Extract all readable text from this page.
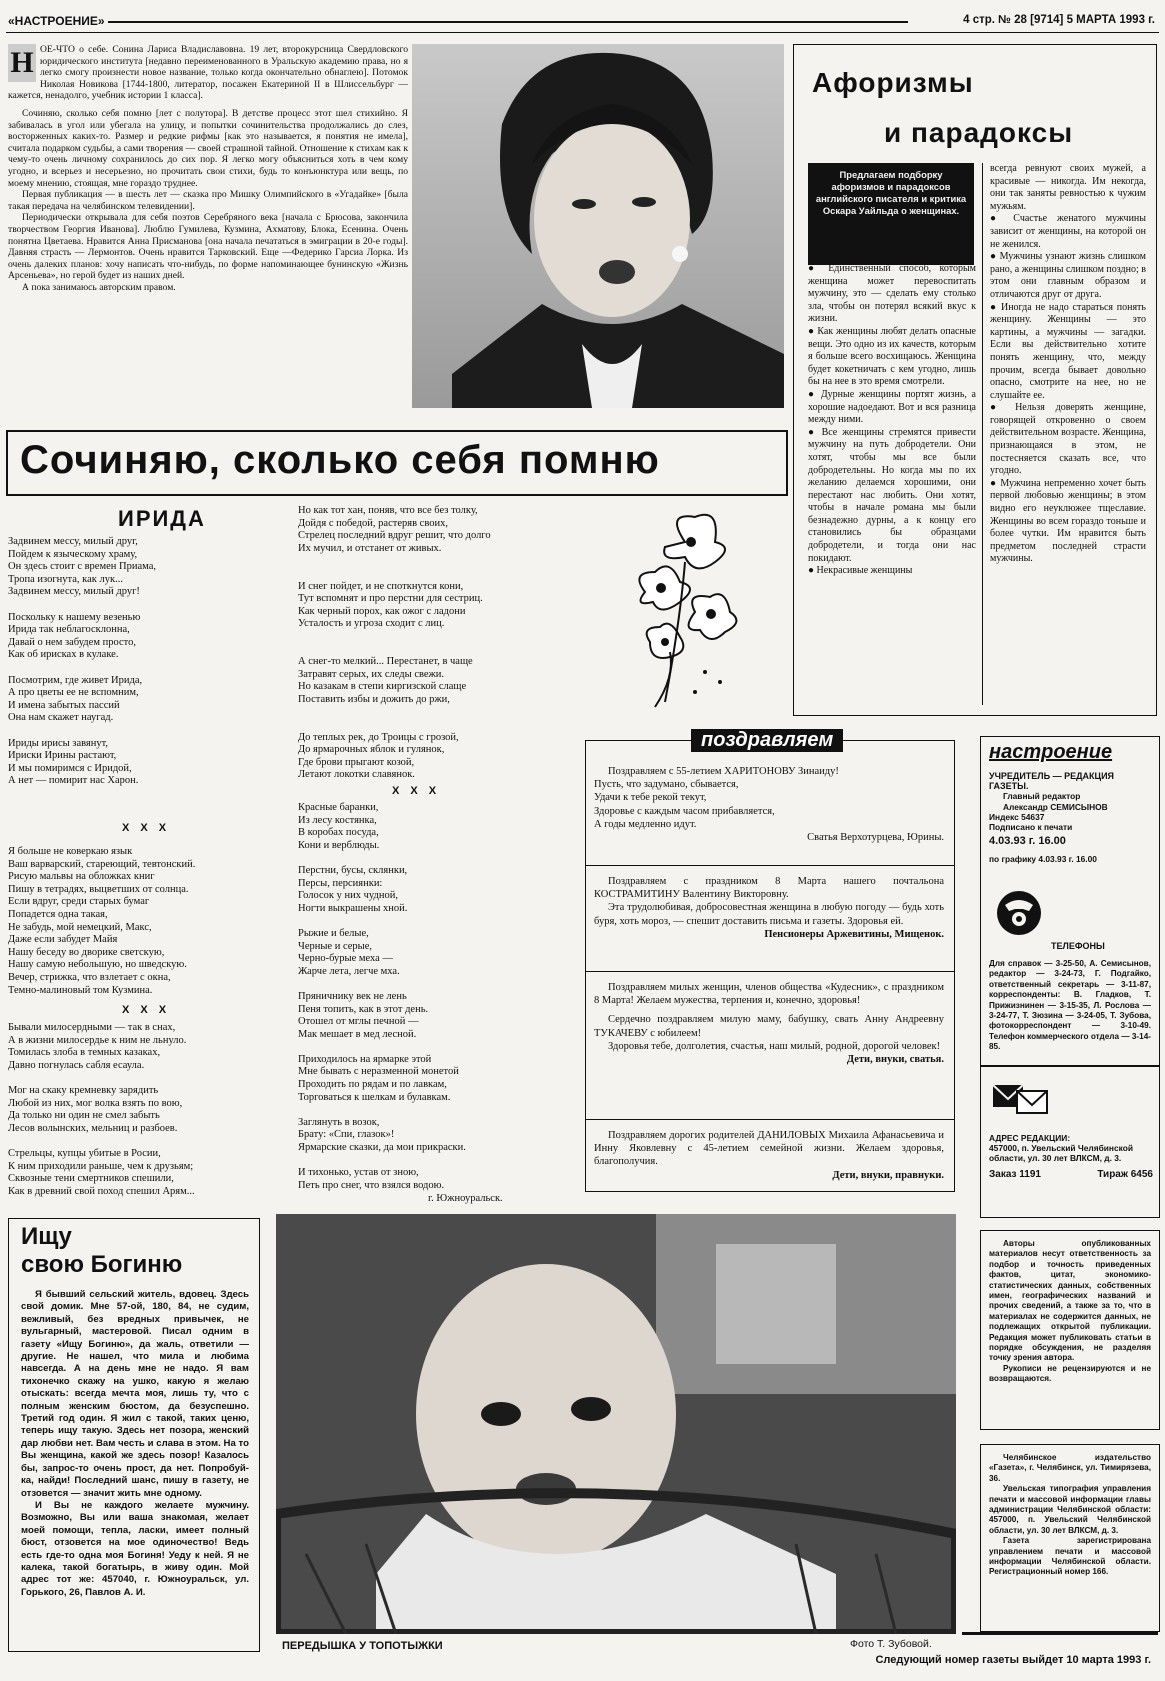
«НАСТРОЕНИЕ»	4 стр. № 28 [9714] 5 МАРТА 1993 г.
Н ОЕ-ЧТО о себе. Сонина Лариса Владиславовна. 19 лет, второкурсница Свердловского юридического института [недавно переименованного в Уральскую академию права, но я легко смогу произнести новое название, только когда окончательно обнаглею]. Потомок Николая Новикова [1744-1800, литератор, посажен Екатериной II в Шлиссельбург — кажется, ненадолго, учебник истории 1 класса].
Сочиняю, сколько себя помню [лет с полутора]. В детстве процесс этот шел стихийно. Я забивалась в угол или убегала на улицу, и попытки сочинительства продолжались до слез, восторженных каких-то. Размер и редкие рифмы [как это называется, я понятия не имела], считала подарком судьбы, а сами творения — своей страшной тайной. Отношение к стихам как к чему-то очень личному сохранилось до сих пор. Я легко могу объясниться хоть в чем кому угодно, и всерьез и несерьезно, но прочитать свои стихи, будь то конъюнктура или вещь, по моему мнению, стоящая, мне гораздо труднее.
Первая публикация — в шесть лет — сказка про Мишку Олимпийского в «Угадайке» [была такая передача на челябинском телевидении].
Периодически открывала для себя поэтов Серебряного века [начала с Брюсова, закончила творчеством Георгия Иванова]. Люблю Гумилева, Кузмина, Ахматову, Блока, Есенина. Очень понятна Цветаева. Нравится Анна Присманова [она начала печататься в эмиграции в 20-е годы]. Давняя страсть — Лермонтов. Очень нравится Тарковский. Еще —Федерико Гарсиа Лорка. Из очень далеких планов: хочу написать что-нибудь, по форме напоминающее бунинскую «Жизнь Арсеньева», но герой будет из наших дней.
А пока занимаюсь авторским правом.
Афоризмы
и парадоксы
Предлагаем подборку афоризмов и парадоксов английского писателя и критика Оскара Уайльда о женщинах.
● Единственный способ, которым женщина может перевоспитать мужчину, это — сделать ему столько зла, чтобы он потерял всякий вкус к жизни.
● Как женщины любят делать опасные вещи. Это одно из их качеств, которым я больше всего восхищаюсь. Женщина будет кокетничать с кем угодно, лишь бы на нее в это время смотрели.
● Дурные женщины портят жизнь, а хорошие надоедают. Вот и вся разница между ними.
● Все женщины стремятся привести мужчину на путь добродетели. Они хотят, чтобы мы все были добродетельны. Но когда мы по их желанию делаемся хорошими, они перестают нас любить. Они хотят, чтобы в начале романа мы были безнадежно дурны, а к концу его становились бы образцами добродетели, и тогда они нас покидают.
● Некрасивые женщины
всегда ревнуют своих мужей, а красивые — никогда. Им некогда, они так заняты ревностью к чужим мужьям.
● Счастье женатого мужчины зависит от женщины, на которой он не женился.
● Мужчины узнают жизнь слишком рано, а женщины слишком поздно; в этом они главным образом и отличаются друг от друга.
● Иногда не надо стараться понять женщину. Женщины — это картины, а мужчины — загадки. Если вы действительно хотите понять женщину, что, между прочим, всегда бывает довольно опасно, смотрите на нее, но не слушайте ее.
● Нельзя доверять женщине, говорящей откровенно о своем действительном возрасте. Женщина, признающаяся в этом, не постесняется сказать все, что угодно.
● Мужчина непременно хочет быть первой любовью женщины; в этом видно его неуклюжее тщеславие. Женщины во всем гораздо тоньше и более чутки. Им нравится быть предметом последней страсти мужчины.
Сочиняю, сколько себя помню
ИРИДА
Задвинем мессу, милый друг,
Пойдем к языческому храму,
Он здесь стоит с времен Приама,
Тропа изогнута, как лук...
Задвинем мессу, милый друг!

Поскольку к нашему везенью
Ирида так неблагосклонна,
Давай о нем забудем просто,
Как об ирисках в кулаке.

Посмотрим, где живет Ирида,
А про цветы ее не вспомним,
И имена забытых пассий
Она нам скажет наугад.

Ириды ирисы завянут,
Ириски Ирины растают,
И мы помиримся с Иридой,
А нет — помирит нас Харон.
Х Х Х
Я больше не коверкаю язык
Ваш варварский, стареющий, тевтонский.
Рисую мальвы на обложках книг
Пишу в тетрадях, выцветших от солнца.
Если вдруг, среди старых бумаг
Попадется одна такая,
Не забудь, мой немецкий, Макс,
Даже если забудет Майя
Нашу беседу во дворике светскую,
Нашу самую небольшую, но шведскую.
Вечер, стрижка, что взлетает с окна,
Темно-малиновый том Кузмина.
Х Х Х
Бывали милосердными — так в снах,
А в жизни милосердье к ним не льнуло.
Томилась злоба в темных казаках,
Давно погнулась сабля есаула.

Мог на скаку кремневку зарядить
Любой из них, мог волка взять по вою,
Да только ни один не смел забыть
Лесов волынских, мельниц и разбоев.

Стрельцы, купцы убитые в Росии,
К ним приходили раньше, чем к друзьям;
Сквозные тени смертников спешили,
Как в древний свой поход спешил Арям...
Но как тот хан, поняв, что все без толку,
Дойдя с победой, растеряв своих,
Стрелец последний вдруг решит, что долго
Их мучил, и отстанет от живых.

И снег пойдет, и не споткнутся кони,
Тут вспомнят и про перстни для сестриц.
Как черный порох, как ожог с ладони
Усталость и угроза сходит с лиц.

А снег-то мелкий... Перестанет, в чаще
Затравят серых, их следы свежи.
Но казакам в степи киргизской слаще
Поставить избы и дожить до ржи,

До теплых рек, до Троицы с грозой,
До ярмарочных яблок и гулянок,
Где брови прыгают козой,
Летают локотки славянок.
Х Х Х
Красные баранки,
Из лесу костянка,
В коробах посуда,
Кони и верблюды.

Перстни, бусы, склянки,
Персы, персиянки:
Голосок у них чудной,
Ногти выкрашены хной.

Рыжие и белые,
Черные и серые,
Черно-бурые меха —
Жарче лета, легче мха.

Пряничнику век не лень
Пеня топить, как в этот день.
Отошел от мглы печной —
Мак мешает в мед лесной.

Приходилось на ярмарке этой
Мне бывать с неразменной монетой
Проходить по рядам и по лавкам,
Торговаться к шелкам и булавкам.

Заглянуть в возок,
Брату: «Спи, глазок»!
Ярмарские сказки, да мои прикраски.

И тихонько, устав от зною,
Петь про снег, что взялся водою.
г. Южноуральск.
поздравляем
Поздравляем с 55-летием ХАРИТОНОВУ Зинаиду!
Пусть, что задумано, сбывается,
Удачи к тебе рекой текут,
Здоровье с каждым часом прибавляется,
А годы медленно идут.
Сватья Верхотурцева, Юрины.
Поздравляем с праздником 8 Марта нашего почтальона КОСТРАМИТИНУ Валентину Викторовну.
Эта трудолюбивая, добросовестная женщина в любую погоду — будь хоть буря, хоть мороз, — спешит доставить письма и газеты. Здоровья ей.
Пенсионеры Аржевитины, Мищенок.
Поздравляем милых женщин, членов общества «Кудесник», с праздником 8 Марта! Желаем мужества, терпения и, конечно, здоровья!
Сердечно поздравляем милую маму, бабушку, свать Анну Андреевну ТУКАЧЕВУ с юбилеем!
Здоровья тебе, долголетия, счастья, наш милый, родной, дорогой человек!
Дети, внуки, сватья.
Поздравляем дорогих родителей ДАНИЛОВЫХ Михаила Афанасьевича и Инну Яковлевну с 45-летием семейной жизни. Желаем здоровья, благополучия.
Дети, внуки, правнуки.
настроение
УЧРЕДИТЕЛЬ — РЕДАКЦИЯ ГАЗЕТЫ.
Главный редактор
Александр СЕМИСЫНОВ
Индекс 54637
Подписано к печати
4.03.93 г. 16.00
по графику 4.03.93 г. 16.00
ТЕЛЕФОНЫ
Для справок — 3-25-50, А. Семисынов, редактор — 3-24-73, Г. Подгайко, ответственный секретарь — 3-11-87, корреспонденты: В. Гладков, Т. Прижизнинен — 3-15-35, Л. Рослова — 3-24-77, Т. Зюзина — 3-24-05, Т. Зубова, фотокорреспондент — 3-10-49. Телефон коммерческого отдела — 3-14-85.
АДРЕС РЕДАКЦИИ:
457000, п. Увельский Челябинской области, ул. 30 лет ВЛКСМ, д. 3.
Заказ 1191	Тираж 6456
Авторы опубликованных материалов несут ответственность за подбор и точность приведенных фактов, цитат, экономико-статистических данных, собственных имен, географических названий и прочих сведений, а также за то, что в материалах не содержится данных, не подлежащих открытой публикации. Редакция может публиковать статьи в порядке обсуждения, не разделяя точку зрения автора.
Рукописи не рецензируются и не возвращаются.
Челябинское издательство «Газета», г. Челябинск, ул. Тимирязева, 36.
Увельская типография управления печати и массовой информации главы администрации Челябинской области: 457000, п. Увельский Челябинской области, ул. 30 лет ВЛКСМ, д. 3.
Газета зарегистрирована управлением печати и массовой информации Челябинской области. Регистрационный номер 166.
Ищу
свою Богиню
Я бывший сельский житель, вдовец. Здесь свой домик. Мне 57-ой, 180, 84, не судим, вежливый, без вредных привычек, не вульгарный, мастеровой. Писал одним в газету «Ищу Богиню», да жаль, ответили — другие. Не нашел, что мила и любима навсегда. А на день мне не надо. Я вам тихонечко скажу на ушко, какую я желаю отыскать: всегда мечта моя, лишь ту, что с полным женским бюстом, да безуспешно. Третий год один. Я жил с такой, таких ценю, теперь ищу такую. Здесь нет позора, женский дар любви нет. Вам честь и слава в этом. На то Вы женщина, какой же здесь позор! Казалось бы, запрос-то очень прост, да нет. Попробуй-ка, найди! Последний шанс, пишу в газету, не отзовется — значит жить мне одному.
И Вы не каждого желаете мужчину. Возможно, Вы или ваша знакомая, желает моей помощи, тепла, ласки, имеет полный бюст, отзовется на мое одиночество! Ведь есть где-то одна моя Богиня! Уеду к ней. Я не калека, такой богатырь, в живу один. Мой адрес тот же: 457040, г. Южноуральск, ул. Горького, 26, Павлов А. И.
ПЕРЕДЫШКА У ТОПОТЫЖКИ	Фото Т. Зубовой.
Следующий номер газеты выйдет 10 марта 1993 г.
